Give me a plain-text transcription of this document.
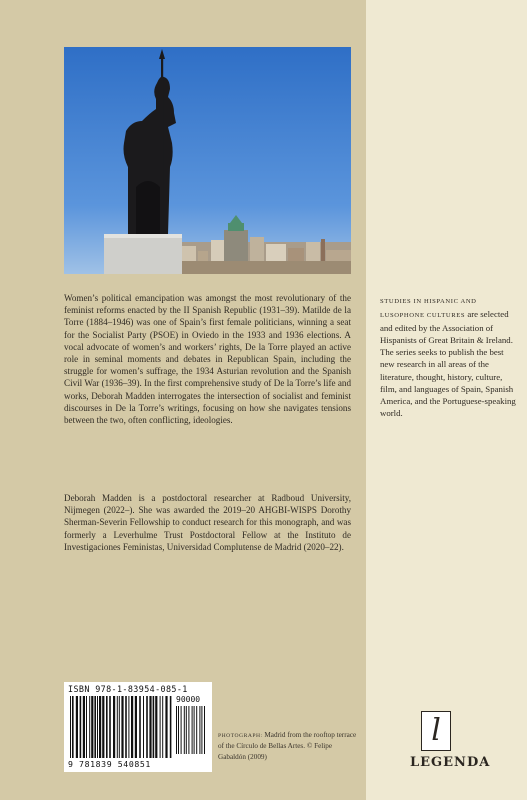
Women’s political emancipation was amongst the most revolutionary of the feminist reforms enacted by the II Spanish Republic (1931–39). Matilde de la Torre (1884–1946) was one of Spain’s first female politicians, winning a seat for the Socialist Party (PSOE) in Oviedo in the 1933 and 1936 elections. A vocal advocate of women’s and workers’ rights, De la Torre played an active role in seminal moments and debates in Republican Spain, including the struggle for women’s suffrage, the 1934 Asturian revolution and the Spanish Civil War (1936–39). In the first comprehensive study of De la Torre’s life and works, Deborah Madden interrogates the intersection of socialist and feminist discourses in De la Torre’s writings, focusing on how she navigates tensions between the two, often conflicting, ideologies.

Deborah Madden is a postdoctoral researcher at Radboud University, Nijmegen (2022–). She was awarded the 2019–20 AHGBI-WISPS Dorothy Sherman-Severin Fellowship to conduct research for this monograph, and was formerly a Leverhulme Trust Postdoctoral Fellow at the Instituto de Investigaciones Feministas, Universidad Complutense de Madrid (2020–22).

STUDIES IN HISPANIC AND LUSOPHONE CULTURES are selected and edited by the Association of Hispanists of Great Britain & Ireland. The series seeks to publish the best new research in all areas of the literature, thought, history, culture, film, and languages of Spain, Spanish America, and the Portuguese-speaking world.

ISBN 978-1-83954-085-1
90000
9 781839 540851

PHOTOGRAPH: Madrid from the rooftop terrace of the Círculo de Bellas Artes. © Felipe Gabaldón (2009)

l
LEGENDA
